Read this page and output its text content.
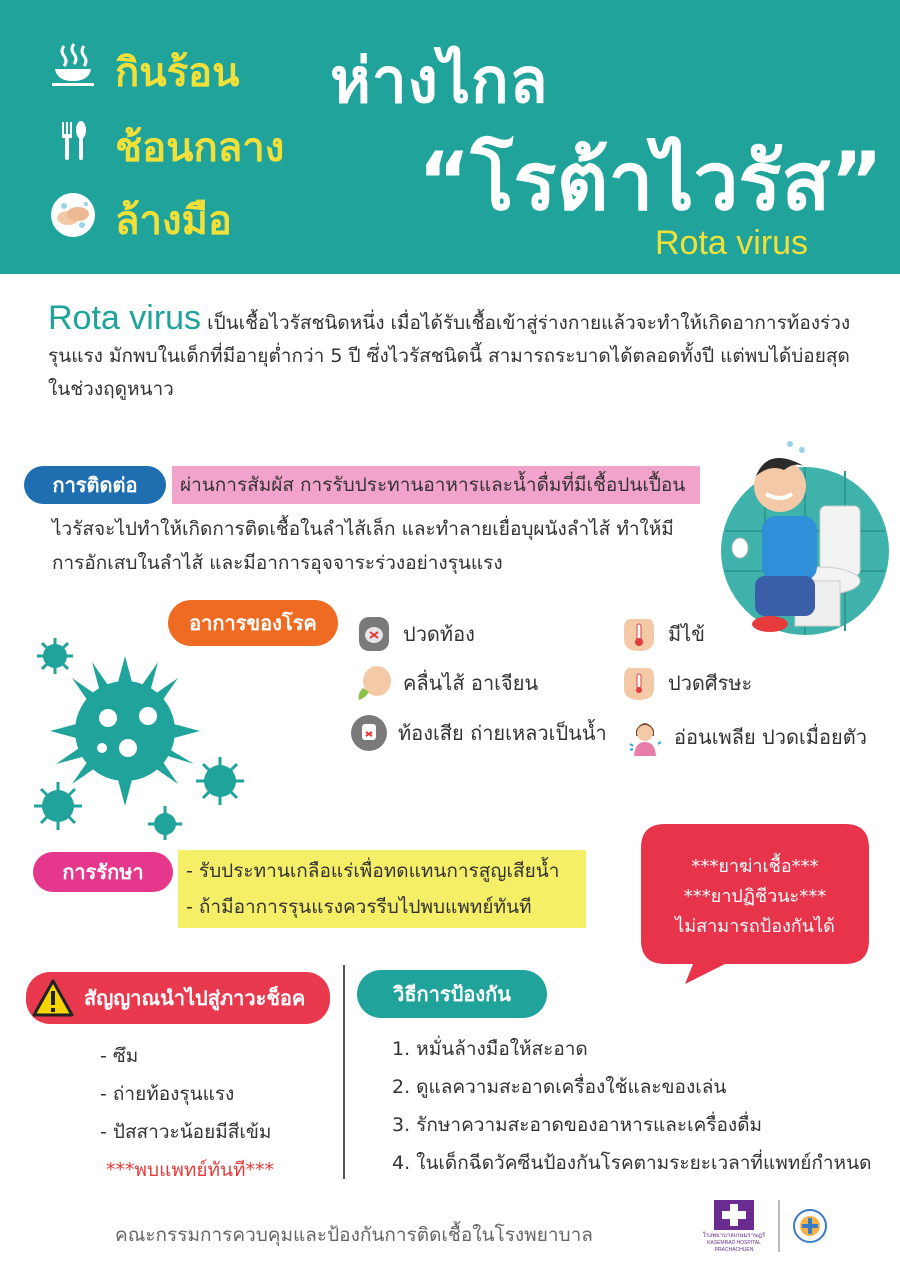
กินร้อน
ช้อนกลาง
ล้างมือ
ห่างไกล
“โรต้าไวรัส”
Rota virus
Rota virus เป็นเชื้อไวรัสชนิดหนึ่ง เมื่อได้รับเชื้อเข้าสู่ร่างกายแล้วจะทำให้เกิดอาการท้องร่วงรุนแรง มักพบในเด็กที่มีอายุต่ำกว่า 5 ปี ซึ่งไวรัสชนิดนี้ สามารถระบาดได้ตลอดทั้งปี แต่พบได้บ่อยสุดในช่วงฤดูหนาว
การติดต่อ	ผ่านการสัมผัส การรับประทานอาหารและน้ำดื่มที่มีเชื้อปนเปื้อน
ไวรัสจะไปทำให้เกิดการติดเชื้อในลำไส้เล็ก และทำลายเยื่อบุผนังลำไส้ ทำให้มี
การอักเสบในลำไส้ และมีอาการอุจจาระร่วงอย่างรุนแรง
อาการของโรค	ปวดท้อง	มีไข้
คลื่นไส้ อาเจียน	ปวดศีรษะ
ท้องเสีย ถ่ายเหลวเป็นน้ำ	อ่อนเพลีย ปวดเมื่อยตัว
การรักษา	- รับประทานเกลือแร่เพื่อทดแทนการสูญเสียน้ำ
- ถ้ามีอาการรุนแรงควรรีบไปพบแพทย์ทันที
***ยาฆ่าเชื้อ***
***ยาปฏิชีวนะ***
ไม่สามารถป้องกันได้
สัญญาณนำไปสู่ภาวะช็อค
- ซึม
- ถ่ายท้องรุนแรง
- ปัสสาวะน้อยมีสีเข้ม
***พบแพทย์ทันที***
วิธีการป้องกัน
1. หมั่นล้างมือให้สะอาด
2. ดูแลความสะอาดเครื่องใช้และของเล่น
3. รักษาความสะอาดของอาหารและเครื่องดื่ม
4. ในเด็กฉีดวัคซีนป้องกันโรคตามระยะเวลาที่แพทย์กำหนด
คณะกรรมการควบคุมและป้องกันการติดเชื้อในโรงพยาบาล	โรงพยาบาลเกษมราษฎร์
KASEMRAD HOSPITAL
PRACHACHUEN
